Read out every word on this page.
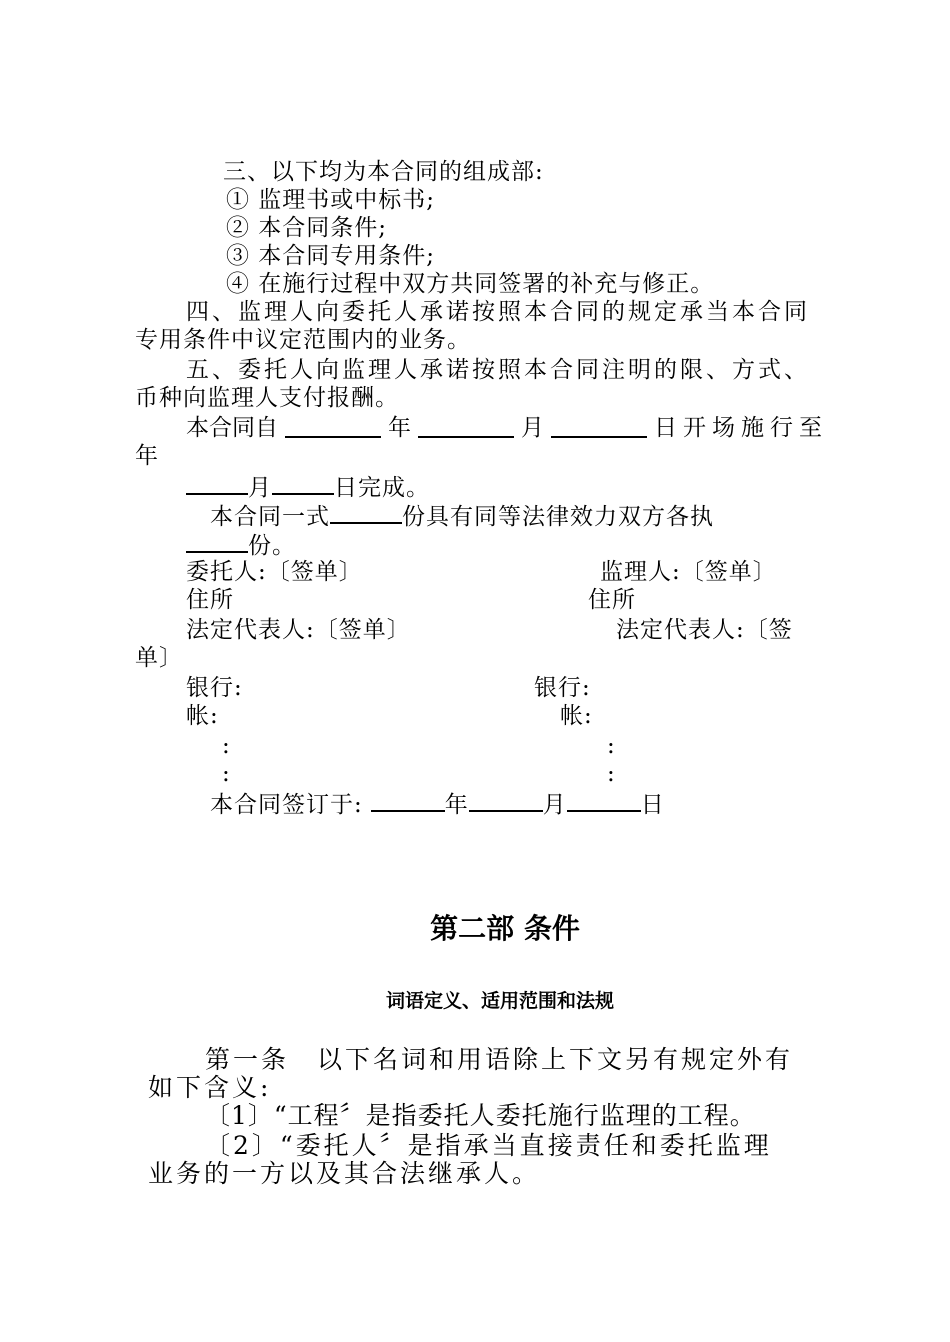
三、以下均为本合同的组成部:
① 监理书或中标书;
② 本合同条件;
③ 本合同专用条件;
④ 在施行过程中双方共同签署的补充与修正。
四、监理人向委托人承诺按照本合同的规定承当本合同
专用条件中议定范围内的业务。
五、委托人向监理人承诺按照本合同注明的限、方式、
币种向监理人支付报酬。
本合同自	年	月	日开场施行至
年
月	日完成。
本合同一式	份具有同等法律效力双方各执
份。
委托人:〔签单〕	监理人:〔签单〕
住所	住所
法定代表人:〔签单〕	法定代表人:〔签
单〕
银行:	银行:
帐:	帐:
:	:
:	:
本合同签订于:	年	月	日
第二部 条件
词语定义、适用范围和法规
第一条　以下名词和用语除上下文另有规定外有
如下含义:
〔1〕“工程〞是指委托人委托施行监理的工程。
〔2〕“委托人〞是指承当直接责任和委托监理
业务的一方以及其合法继承人。
